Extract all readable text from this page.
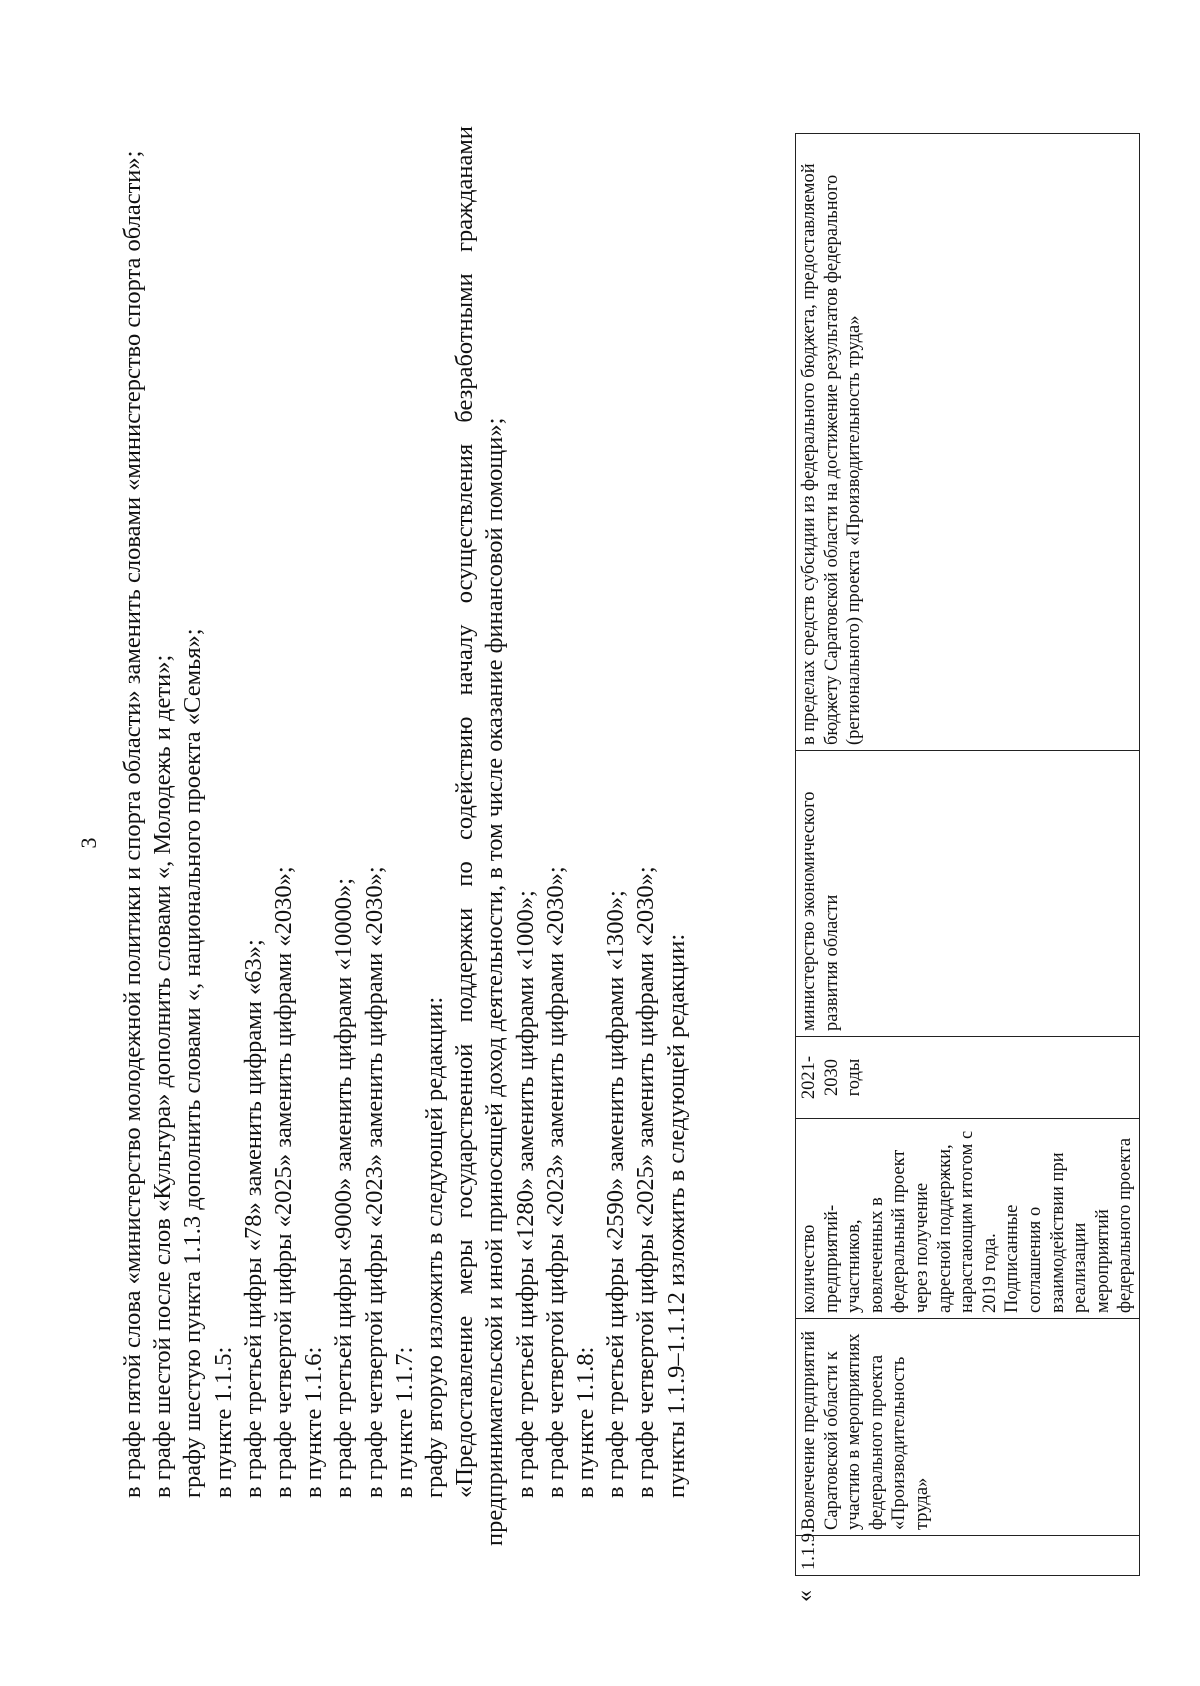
3 в графе пятой слова «министерство молодежной политики и спорта области» заменить словами «министерство спорта области»; в графе шестой после слов «Культура» дополнить словами «, Молодежь и дети»; графу шестую пункта 1.1.3 дополнить словами «, национального проекта «Семья»; в пункте 1.1.5: в графе третьей цифры «78» заменить цифрами «63»; в графе четвертой цифры «2025» заменить цифрами «2030»; в пункте 1.1.6: в графе третьей цифры «9000» заменить цифрами «10000»; в графе четвертой цифры «2023» заменить цифрами «2030»; в пункте 1.1.7: графу вторую изложить в следующей редакции: «Предоставление меры государственной поддержки по содействию началу осуществления безработными гражданами предпринимательской и иной приносящей доход деятельности, в том числе оказание финансовой помощи»; в графе третьей цифры «1280» заменить цифрами «1000»; в графе четвертой цифры «2023» заменить цифрами «2030»; в пункте 1.1.8: в графе третьей цифры «2590» заменить цифрами «1300»; в графе четвертой цифры «2025» заменить цифрами «2030»; пункты 1.1.9–1.1.12 изложить в следующей редакции:

«
1.1.9.	Вовлечение предприятий Саратовской области к участию в мероприятиях федерального проекта «Производительность труда»	количество предприятий-участников, вовлеченных в федеральный проект через получение адресной поддержки, нарастающим итогом с 2019 года. Подписанные соглашения о взаимодействии при реализации мероприятий федерального проекта	2021-2030 годы	министерство экономического развития области	в пределах средств субсидии из федерального бюджета, предоставляемой бюджету Саратовской области на достижение результатов федерального (регионального) проекта «Производительность труда»
